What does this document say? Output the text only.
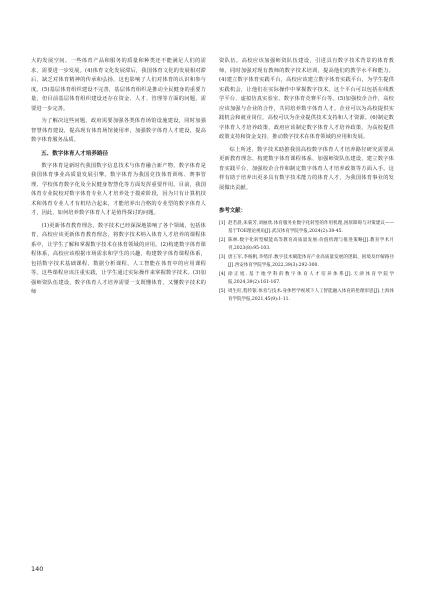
大的发展空间。一些体育产品和服务的质量和种类还不能满足人们的需求，需要进一步发展。(4)体育文化发展滞后，我国体育文化的发展相对滞后，缺乏对体育精神的传承和弘扬，这也影响了人们对体育的认识和参与度。(5)基层体育组织建设不完善，基层体育组织是推动全民健身的重要力量，但目前基层体育组织建设还存在资金、人才、管理等方面的问题，需要进一步完善。

为了解决这些问题，政府需要加强各类体育场馆设施建设，同时加强智慧体育建设，提高现有体育场馆使用率，加强数字体育人才建设，提高数字体育服务品质。

五、数字体育人才培养路径

数字体育是新时代我国数字信息技术与体育融合新产物，数字体育是我国体育事业高质量发展引擎。数字体育为我国竞技体育训练、赛事管理、学校体育数字化及全民健身智慧化等方面发挥重要作用。目前，我国体育专业院校对数字体育专业人才培养处于摸索阶段，因为只有计算机技术和体育专业人才有机结合起来，才能培养出合格的专业型的数字体育人才，因此，如何培养数字体育人才是值得探讨的问题。

(1)更新体育教育理念，数字技术已经深深地影响了各个领域，包括体育，高校应该更新体育教育理念，将数字技术纳入体育人才培养的课程体系中，让学生了解和掌握数字技术在体育领域的应用。(2)构建数字体育课程体系，高校应该根据市场需求和学生的兴趣，构建数字体育课程体系，包括数字技术基础课程、数据分析课程、人工智能在体育中的应用课程等。这些课程应该注重实践，让学生通过实际操作来掌握数字技术。(3)加强师资队伍建设，数字体育人才培养需要一支既懂体育，又懂数字技术的师

资队伍。高校应该加强师资队伍建设，引进具有数字技术背景的体育教师，同时加强对现有教师的数字技术培训，提高他们的教学水平和能力。(4)建立数字体育实践平台，高校应该建立数字体育实践平台，为学生提供实践机会，让他们在实际操作中掌握数字技术。这个平台可以包括在线教学平台、虚拟仿真实验室、数字体育竞赛平台等。(5)加强校企合作，高校应该加强与企业的合作，共同培养数字体育人才。企业可以为高校提供实践机会和就业岗位，高校可以为企业提供技术支持和人才资源。(6)制定数字体育人才培养政策，政府应该制定数字体育人才培养政策，为高校提供政策支持和资金支持，推动数字技术在体育领域的应用和发展。

综上所述，数字技术助推我国高校数字体育人才培养路径研究需要从更新教育理念、构建数字体育课程体系、加强师资队伍建设、建立数字体育实践平台、加强校企合作和制定数字体育人才培养政策等方面入手。这样有助于培养出更多具有数字技术能力的体育人才，为我国体育事业的发展做出贡献。

参考文献：
[1] 赵若晨,朱菊芳,刘丽欣.体育服务业数字化转型的作用机理,困厚障碍与对策建议——基于TOE理论视角[J].武汉体育学院学报,2024(2):38-45.
[2] 陈林.数字化转型赋能高等教育高质量发展:价值机理与推进策略[J].教育学术月刊,2023(8):95-103.
[3] 唐王军,李杨帆,李绪洋.数字技术赋能体育产业高质量发展的逻辑、困境及纾解路径[J].西安体育学院学报,2022,39(3):292-300.
[4] 徐正旭.基于地学科的数字体育人才培养体系[J].天津体育学院学报,2024,39(2):161-167.
[5] 周生旺,程传银.体育与技术:身体哲学视域下人工智能融入体育的伦理审思[J].上海体育学院学报,2021,45(9):1-11.
140
